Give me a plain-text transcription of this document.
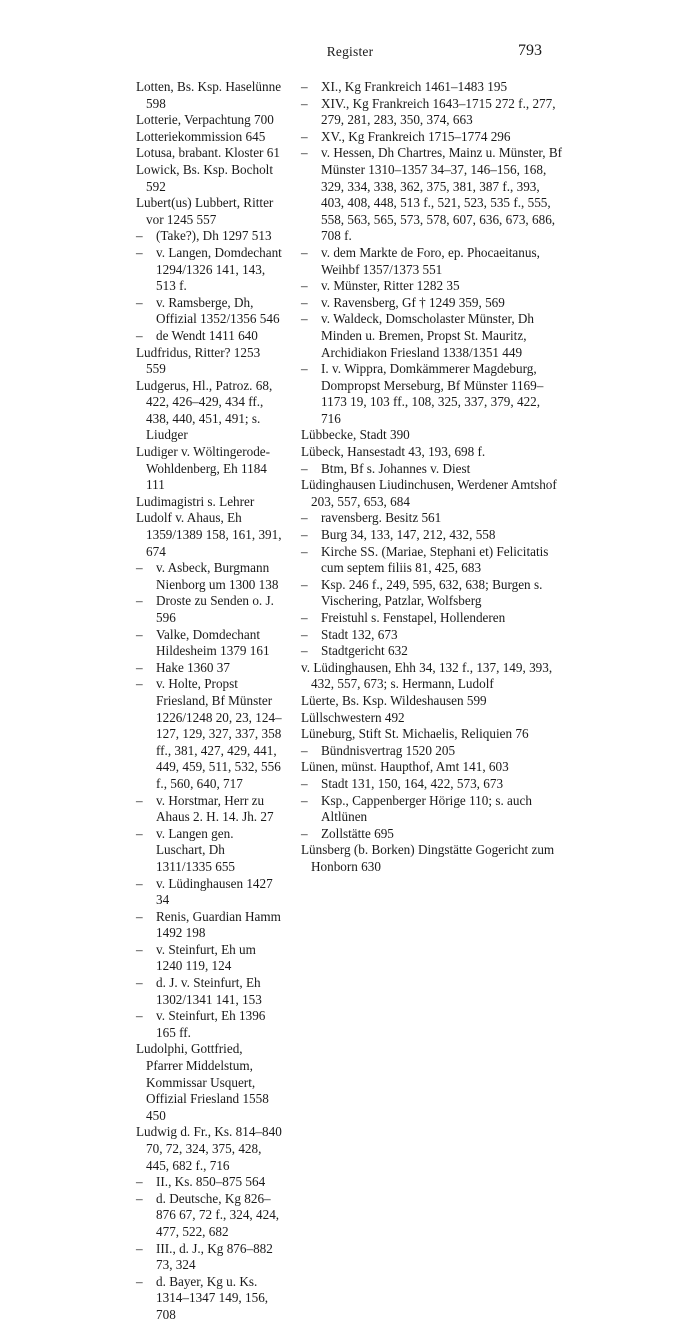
Register	793
Lotten, Bs. Ksp. Haselünne 598
Lotterie, Verpachtung 700
Lotteriekommission 645
Lotusa, brabant. Kloster 61
Lowick, Bs. Ksp. Bocholt 592
Lubert(us) Lubbert, Ritter vor 1245 557
– (Take?), Dh 1297 513
– v. Langen, Domdechant 1294/1326 141, 143, 513 f.
– v. Ramsberge, Dh, Offizial 1352/1356 546
– de Wendt 1411 640
Ludfridus, Ritter? 1253 559
Ludgerus, Hl., Patroz. 68, 422, 426–429, 434 ff., 438, 440, 451, 491; s. Liudger
Ludiger v. Wöltingerode-Wohldenberg, Eh 1184 111
Ludimagistri s. Lehrer
Ludolf v. Ahaus, Eh 1359/1389 158, 161, 391, 674
– v. Asbeck, Burgmann Nienborg um 1300 138
– Droste zu Senden o. J. 596
– Valke, Domdechant Hildesheim 1379 161
– Hake 1360 37
– v. Holte, Propst Friesland, Bf Münster 1226/1248 20, 23, 124–127, 129, 327, 337, 358 ff., 381, 427, 429, 441, 449, 459, 511, 532, 556 f., 560, 640, 717
– v. Horstmar, Herr zu Ahaus 2. H. 14. Jh. 27
– v. Langen gen. Luschart, Dh 1311/1335 655
– v. Lüdinghausen 1427 34
– Renis, Guardian Hamm 1492 198
– v. Steinfurt, Eh um 1240 119, 124
– d. J. v. Steinfurt, Eh 1302/1341 141, 153
– v. Steinfurt, Eh 1396 165 ff.
Ludolphi, Gottfried, Pfarrer Middelstum, Kommissar Usquert, Offizial Friesland 1558 450
Ludwig d. Fr., Ks. 814–840 70, 72, 324, 375, 428, 445, 682 f., 716
– II., Ks. 850–875 564
– d. Deutsche, Kg 826–876 67, 72 f., 324, 424, 477, 522, 682
– III., d. J., Kg 876–882 73, 324
– d. Bayer, Kg u. Ks. 1314–1347 149, 156, 708
– XI., Kg Frankreich 1461–1483 195
– XIV., Kg Frankreich 1643–1715 272 f., 277, 279, 281, 283, 350, 374, 663
– XV., Kg Frankreich 1715–1774 296
– v. Hessen, Dh Chartres, Mainz u. Münster, Bf Münster 1310–1357 34–37, 146–156, 168, 329, 334, 338, 362, 375, 381, 387 f., 393, 403, 408, 448, 513 f., 521, 523, 535 f., 555, 558, 563, 565, 573, 578, 607, 636, 673, 686, 708 f.
– v. dem Markte de Foro, ep. Phocaeitanus, Weihbf 1357/1373 551
– v. Münster, Ritter 1282 35
– v. Ravensberg, Gf † 1249 359, 569
– v. Waldeck, Domscholaster Münster, Dh Minden u. Bremen, Propst St. Mauritz, Archidiakon Friesland 1338/1351 449
– I. v. Wippra, Domkämmerer Magdeburg, Dompropst Merseburg, Bf Münster 1169–1173 19, 103 ff., 108, 325, 337, 379, 422, 716
Lübbecke, Stadt 390
Lübeck, Hansestadt 43, 193, 698 f.
– Btm, Bf s. Johannes v. Diest
Lüdinghausen Liudinchusen, Werdener Amtshof 203, 557, 653, 684
– ravensberg. Besitz 561
– Burg 34, 133, 147, 212, 432, 558
– Kirche SS. (Mariae, Stephani et) Felicitatis cum septem filiis 81, 425, 683
– Ksp. 246 f., 249, 595, 632, 638; Burgen s. Vischering, Patzlar, Wolfsberg
– Freistuhl s. Fenstapel, Hollenderen
– Stadt 132, 673
– Stadtgericht 632
v. Lüdinghausen, Ehh 34, 132 f., 137, 149, 393, 432, 557, 673; s. Hermann, Ludolf
Lüerte, Bs. Ksp. Wildeshausen 599
Lüllschwestern 492
Lüneburg, Stift St. Michaelis, Reliquien 76
– Bündnisvertrag 1520 205
Lünen, münst. Haupthof, Amt 141, 603
– Stadt 131, 150, 164, 422, 573, 673
– Ksp., Cappenberger Hörige 110; s. auch Altlünen
– Zollstätte 695
Lünsberg (b. Borken) Dingstätte Gogericht zum Honborn 630
